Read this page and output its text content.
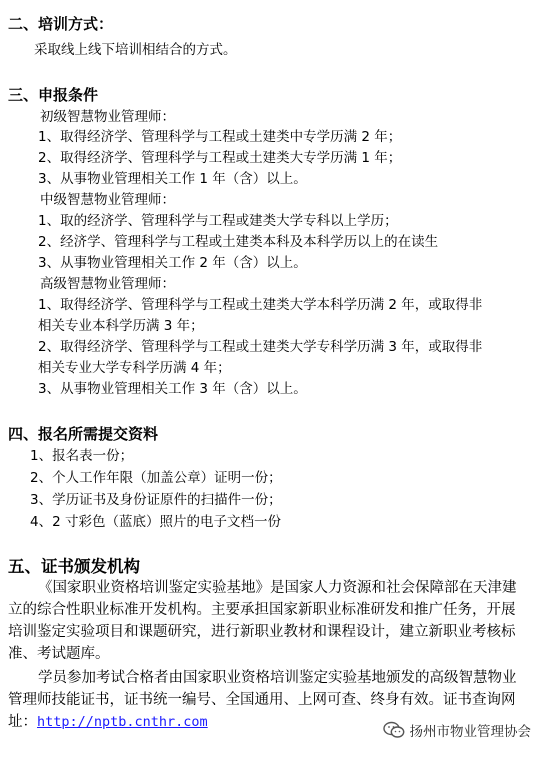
二、培训方式：
采取线上线下培训相结合的方式。
三、申报条件
初级智慧物业管理师：
1、取得经济学、管理科学与工程或土建类中专学历满 2 年；
2、取得经济学、管理科学与工程或土建类大专学历满 1 年；
3、从事物业管理相关工作 1 年（含）以上。
中级智慧物业管理师：
1、取的经济学、管理科学与工程或建类大学专科以上学历；
2、经济学、管理科学与工程或土建类本科及本科学历以上的在读生
3、从事物业管理相关工作 2 年（含）以上。
高级智慧物业管理师：
1、取得经济学、管理科学与工程或土建类大学本科学历满 2 年，或取得非
相关专业本科学历满 3 年；
2、取得经济学、管理科学与工程或土建类大学专科学历满 3 年，或取得非
相关专业大学专科学历满 4 年；
3、从事物业管理相关工作 3 年（含）以上。
四、报名所需提交资料
1、报名表一份；
2、个人工作年限（加盖公章）证明一份；
3、学历证书及身份证原件的扫描件一份；
4、2 寸彩色（蓝底）照片的电子文档一份
五、证书颁发机构
《国家职业资格培训鉴定实验基地》是国家人力资源和社会保障部在天津建
立的综合性职业标准开发机构。主要承担国家新职业标准研发和推广任务，开展
培训鉴定实验项目和课题研究，进行新职业教材和课程设计，建立新职业考核标
准、考试题库。
学员参加考试合格者由国家职业资格培训鉴定实验基地颁发的高级智慧物业
管理师技能证书，证书统一编号、全国通用、上网可查、终身有效。证书查询网
址：http://nptb.cnthr.com
扬州市物业管理协会
